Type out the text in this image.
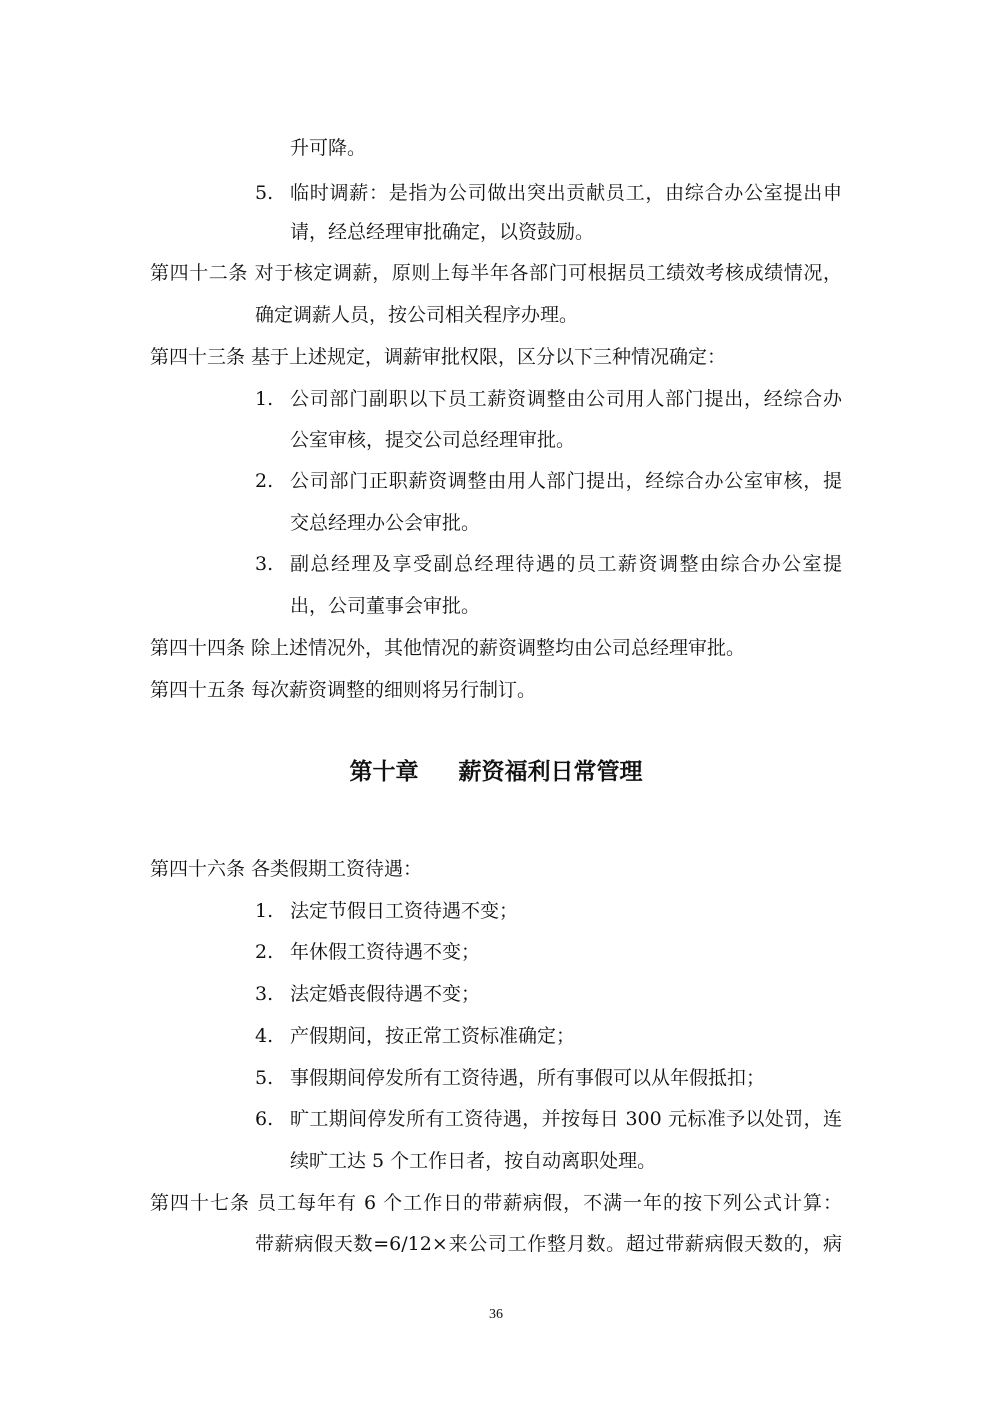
升可降。
5. 临时调薪：是指为公司做出突出贡献员工，由综合办公室提出申
请，经总经理审批确定，以资鼓励。
第四十二条 对于核定调薪，原则上每半年各部门可根据员工绩效考核成绩情况，
确定调薪人员，按公司相关程序办理。
第四十三条 基于上述规定，调薪审批权限，区分以下三种情况确定：
1. 公司部门副职以下员工薪资调整由公司用人部门提出，经综合办
公室审核，提交公司总经理审批。
2. 公司部门正职薪资调整由用人部门提出，经综合办公室审核，提
交总经理办公会审批。
3. 副总经理及享受副总经理待遇的员工薪资调整由综合办公室提
出，公司董事会审批。
第四十四条 除上述情况外，其他情况的薪资调整均由公司总经理审批。
第四十五条 每次薪资调整的细则将另行制订。
第十章 薪资福利日常管理
第四十六条 各类假期工资待遇：
1. 法定节假日工资待遇不变；
2. 年休假工资待遇不变；
3. 法定婚丧假待遇不变；
4. 产假期间，按正常工资标准确定；
5. 事假期间停发所有工资待遇，所有事假可以从年假抵扣；
6. 旷工期间停发所有工资待遇，并按每日 300 元标准予以处罚，连
续旷工达 5 个工作日者，按自动离职处理。
第四十七条 员工每年有 6 个工作日的带薪病假，不满一年的按下列公式计算：
带薪病假天数=6/12×来公司工作整月数。超过带薪病假天数的，病
36
